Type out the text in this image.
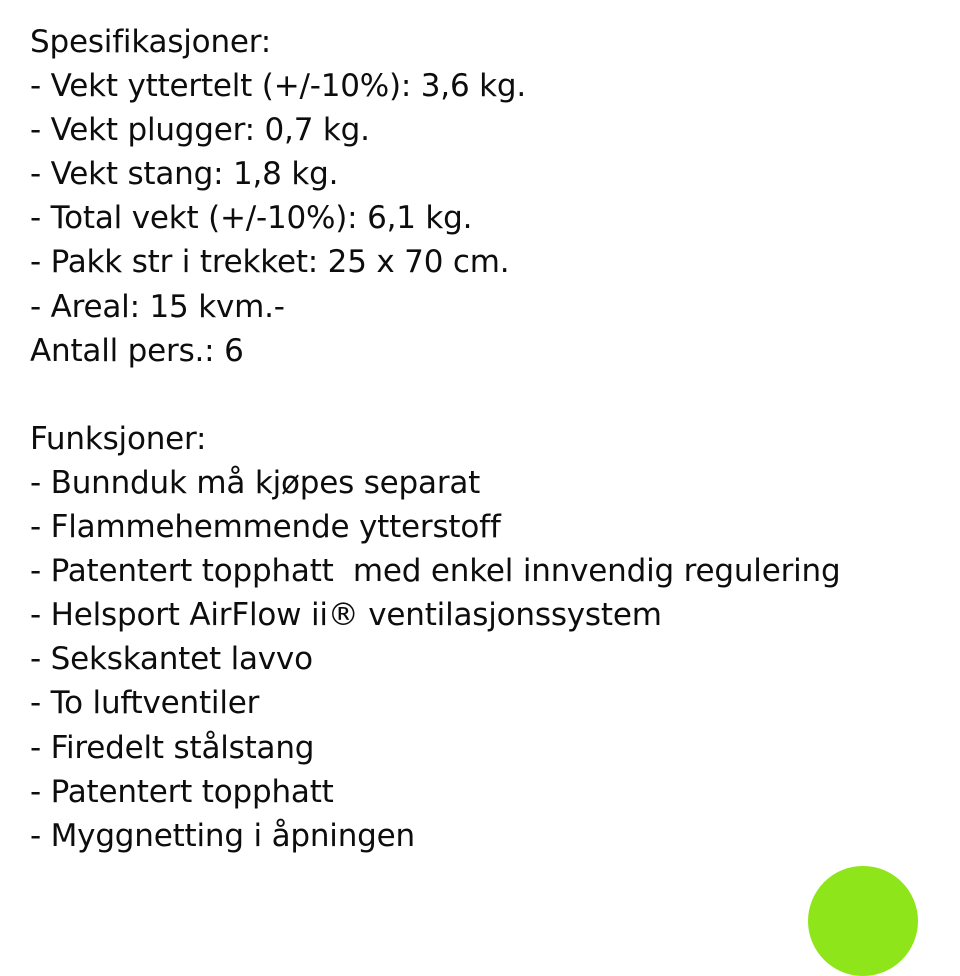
Spesifikasjoner:
- Vekt yttertelt (+/-10%): 3,6 kg.
- Vekt plugger: 0,7 kg.
- Vekt stang: 1,8 kg.
- Total vekt (+/-10%): 6,1 kg.
- Pakk str i trekket: 25 x 70 cm.
- Areal: 15 kvm.-
Antall pers.: 6
Funksjoner:
- Bunnduk må kjøpes separat
- Flammehemmende ytterstoff
- Patentert topphatt  med enkel innvendig regulering
- Helsport AirFlow ii® ventilasjonssystem
- Sekskantet lavvo
- To luftventiler
- Firedelt stålstang
- Patentert topphatt
- Myggnetting i åpningen
